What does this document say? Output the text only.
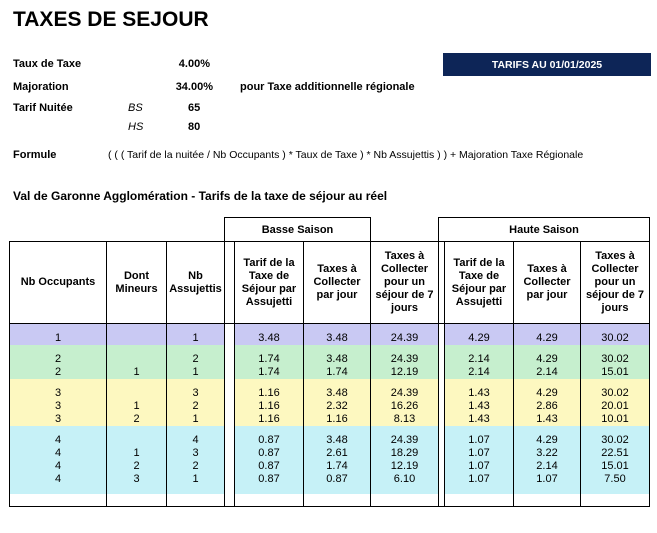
TAXES DE SEJOUR
Taux de Taxe	4.00%
Majoration	34.00% pour Taxe additionnelle régionale
Tarif Nuitée	BS	65
HS	80
Formule	( ( ( Tarif de la nuitée / Nb Occupants ) * Taux de Taxe ) * Nb Assujettis ) ) + Majoration Taxe Régionale
TARIFS AU 01/01/2025
Val de Garonne Agglomération - Tarifs de la taxe de séjour au réel
			Basse Saison				Haute Saison			
Nb Occupants	Dont Mineurs	Nb Assujettis		Tarif de la Taxe de Séjour par Assujetti	Taxes à Collecter par jour	Taxes à Collecter pour un séjour de 7 jours		Tarif de la Taxe de Séjour par Assujetti	Taxes à Collecter par jour	Taxes à Collecter pour un séjour de 7 jours

1		1		3.48	3.48	24.39		4.29	4.29	30.02

2		2		1.74	3.48	24.39		2.14	4.29	30.02
2	1	1		1.74	1.74	12.19		2.14	2.14	15.01

3		3		1.16	3.48	24.39		1.43	4.29	30.02
3	1	2		1.16	2.32	16.26		1.43	2.86	20.01
3	2	1		1.16	1.16	8.13		1.43	1.43	10.01

4		4		0.87	3.48	24.39		1.07	4.29	30.02
4	1	3		0.87	2.61	18.29		1.07	3.22	22.51
4	2	2		0.87	1.74	12.19		1.07	2.14	15.01
4	3	1		0.87	0.87	6.10		1.07	1.07	7.50
